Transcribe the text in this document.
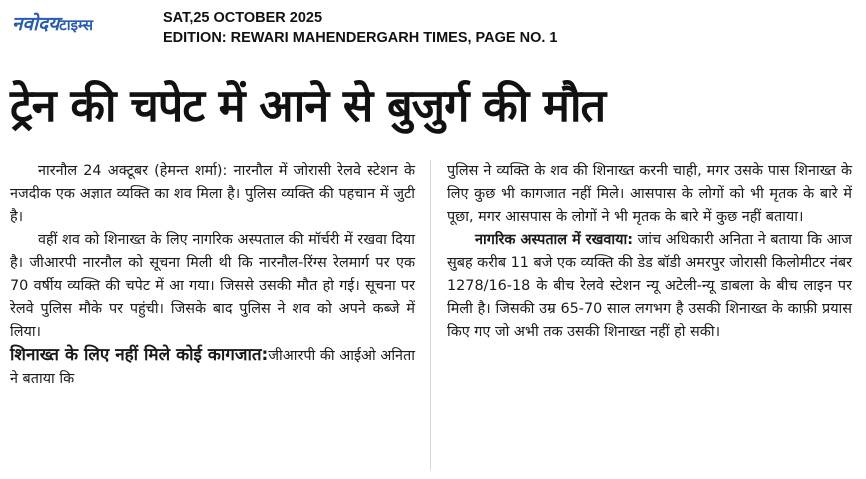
नवोदयटाइम्स	SAT,25 OCTOBER 2025
EDITION: REWARI MAHENDERGARH TIMES, PAGE NO. 1
ट्रेन की चपेट में आने से बुजुर्ग की मौत

नारनौल 24 अक्टूबर (हेमन्त शर्मा): नारनौल में जोरासी रेलवे स्टेशन के नजदीक एक अज्ञात व्यक्ति का शव मिला है। पुलिस व्यक्ति की पहचान में जुटी है।

वहीं शव को शिनाख्त के लिए नागरिक अस्पताल की मॉर्चरी में रखवा दिया है। जीआरपी नारनौल को सूचना मिली थी कि नारनौल-रिंग्स रेलमार्ग पर एक 70 वर्षीय व्यक्ति की चपेट में आ गया। जिससे उसकी मौत हो गई। सूचना पर रेलवे पुलिस मौके पर पहुंची। जिसके बाद पुलिस ने शव को अपने कब्जे में लिया।

शिनाख्त के लिए नहीं मिले कोई कागजात:जीआरपी की आईओ अनिता ने बताया कि

पुलिस ने व्यक्ति के शव की शिनाख्त करनी चाही, मगर उसके पास शिनाख्त के लिए कुछ भी कागजात नहीं मिले। आसपास के लोगों को भी मृतक के बारे में पूछा, मगर आसपास के लोगों ने भी मृतक के बारे में कुछ नहीं बताया।

नागरिक अस्पताल में रखवाया: जांच अधिकारी अनिता ने बताया कि आज सुबह करीब 11 बजे एक व्यक्ति की डेड बॉडी अमरपुर जोरासी किलोमीटर नंबर 1278/16-18 के बीच रेलवे स्टेशन न्यू अटेली-न्यू डाबला के बीच लाइन पर मिली है। जिसकी उम्र 65-70 साल लगभग है उसकी शिनाख्त के काफ़ी प्रयास किए गए जो अभी तक उसकी शिनाख्त नहीं हो सकी।
